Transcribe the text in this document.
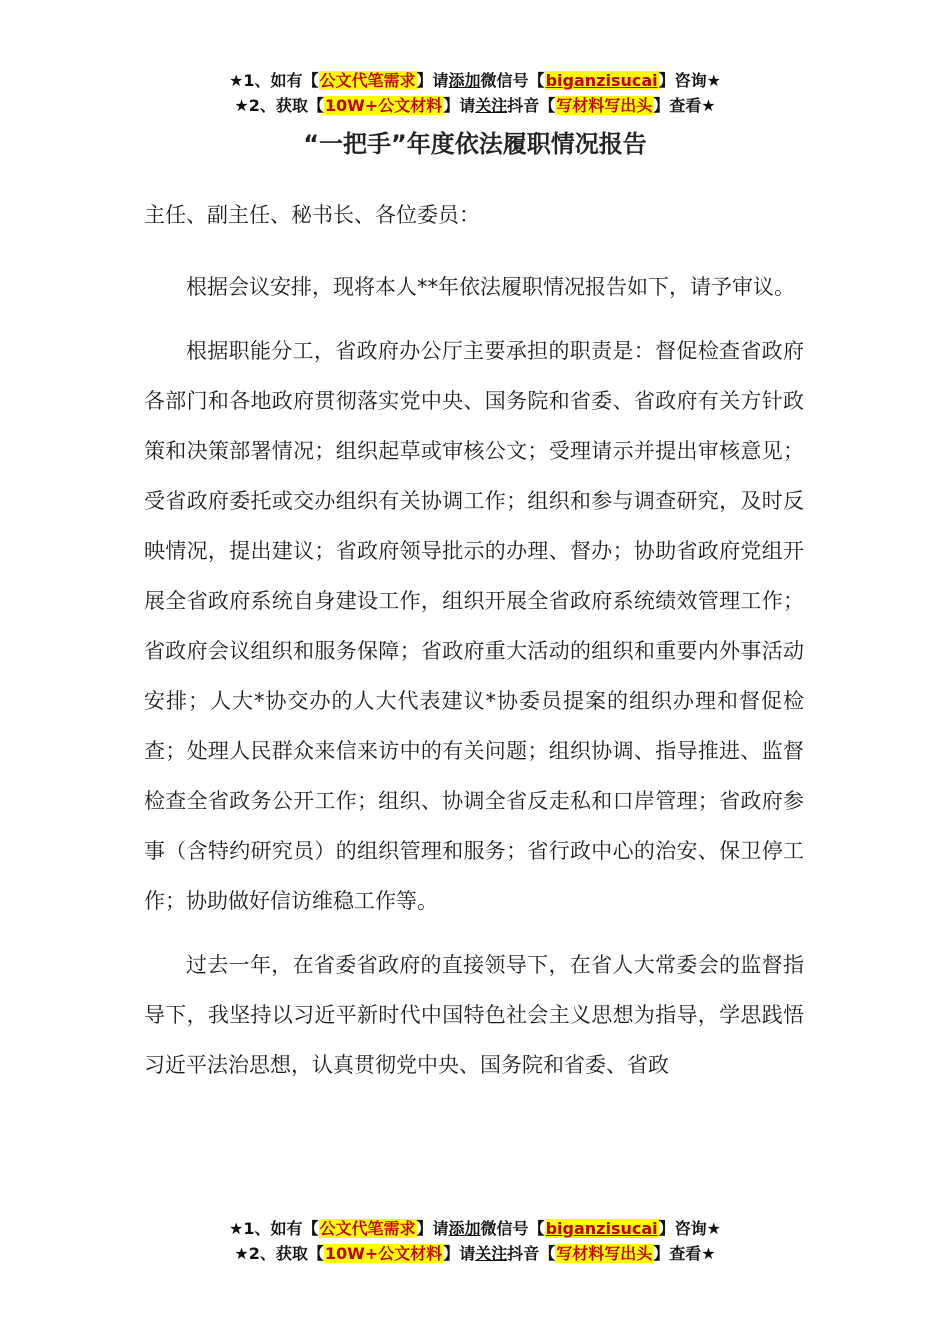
★1、如有【公文代笔需求】请添加微信号【biganzisucai】咨询★
★2、获取【10W+公文材料】请关注抖音【写材料写出头】查看★
“一把手”年度依法履职情况报告

主任、副主任、秘书长、各位委员：

根据会议安排，现将本人**年依法履职情况报告如下，请予审议。

根据职能分工，省政府办公厅主要承担的职责是：督促检查省政府各部门和各地政府贯彻落实党中央、国务院和省委、省政府有关方针政策和决策部署情况；组织起草或审核公文；受理请示并提出审核意见；受省政府委托或交办组织有关协调工作；组织和参与调查研究，及时反映情况，提出建议；省政府领导批示的办理、督办；协助省政府党组开展全省政府系统自身建设工作，组织开展全省政府系统绩效管理工作；省政府会议组织和服务保障；省政府重大活动的组织和重要内外事活动安排；人大*协交办的人大代表建议*协委员提案的组织办理和督促检查；处理人民群众来信来访中的有关问题；组织协调、指导推进、监督检查全省政务公开工作；组织、协调全省反走私和口岸管理；省政府参事（含特约研究员）的组织管理和服务；省行政中心的治安、保卫停工作；协助做好信访维稳工作等。

过去一年，在省委省政府的直接领导下，在省人大常委会的监督指导下，我坚持以习近平新时代中国特色社会主义思想为指导，学思践悟习近平法治思想，认真贯彻党中央、国务院和省委、省政

★1、如有【公文代笔需求】请添加微信号【biganzisucai】咨询★
★2、获取【10W+公文材料】请关注抖音【写材料写出头】查看★
